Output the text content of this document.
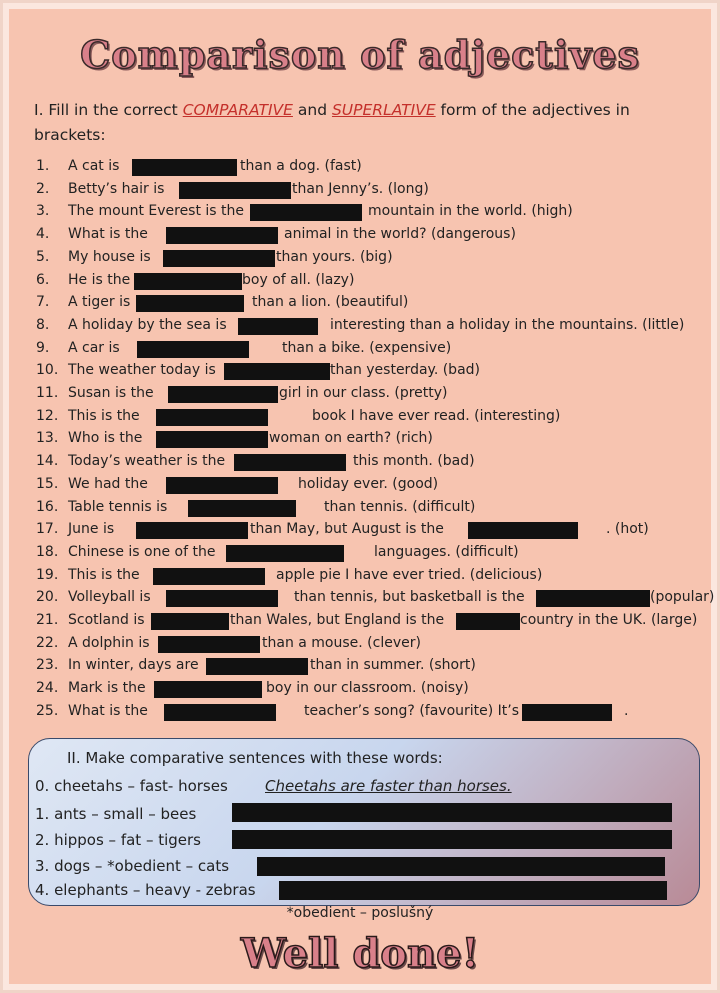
Comparison of adjectives
I. Fill in the correct COMPARATIVE and SUPERLATIVE form of the adjectives in brackets:
1.	A cat is	than a dog. (fast)
2.	Betty’s hair is	than Jenny’s. (long)
3.	The mount Everest is the	mountain in the world. (high)
4.	What is the	animal in the world? (dangerous)
5.	My house is	than yours. (big)
6.	He is the	boy of all. (lazy)
7.	A tiger is	than a lion. (beautiful)
8.	A holiday by the sea is	interesting than a holiday in the mountains. (little)
9.	A car is	than a bike. (expensive)
10. The weather today is	than yesterday. (bad)
11. Susan is the	girl in our class. (pretty)
12. This is the	book I have ever read. (interesting)
13. Who is the	woman on earth? (rich)
14. Today’s weather is the	this month. (bad)
15. We had the	holiday ever. (good)
16. Table tennis is	than tennis. (difficult)
17. June is	than May, but August is the	. (hot)
18. Chinese is one of the	languages. (difficult)
19. This is the	apple pie I have ever tried. (delicious)
20. Volleyball is	than tennis, but basketball is the	(popular)
21. Scotland is	than Wales, but England is the	country in the UK. (large)
22. A dolphin is	than a mouse. (clever)
23. In winter, days are	than in summer. (short)
24. Mark is the	boy in our classroom. (noisy)
25. What is the	teacher’s song? (favourite) It’s	.
II. Make comparative sentences with these words:
0. cheetahs – fast- horses Cheetahs are faster than horses.
1. ants – small – bees
2. hippos – fat – tigers
3. dogs – *obedient – cats
4. elephants – heavy - zebras
*obedient – poslušný
Well done!
